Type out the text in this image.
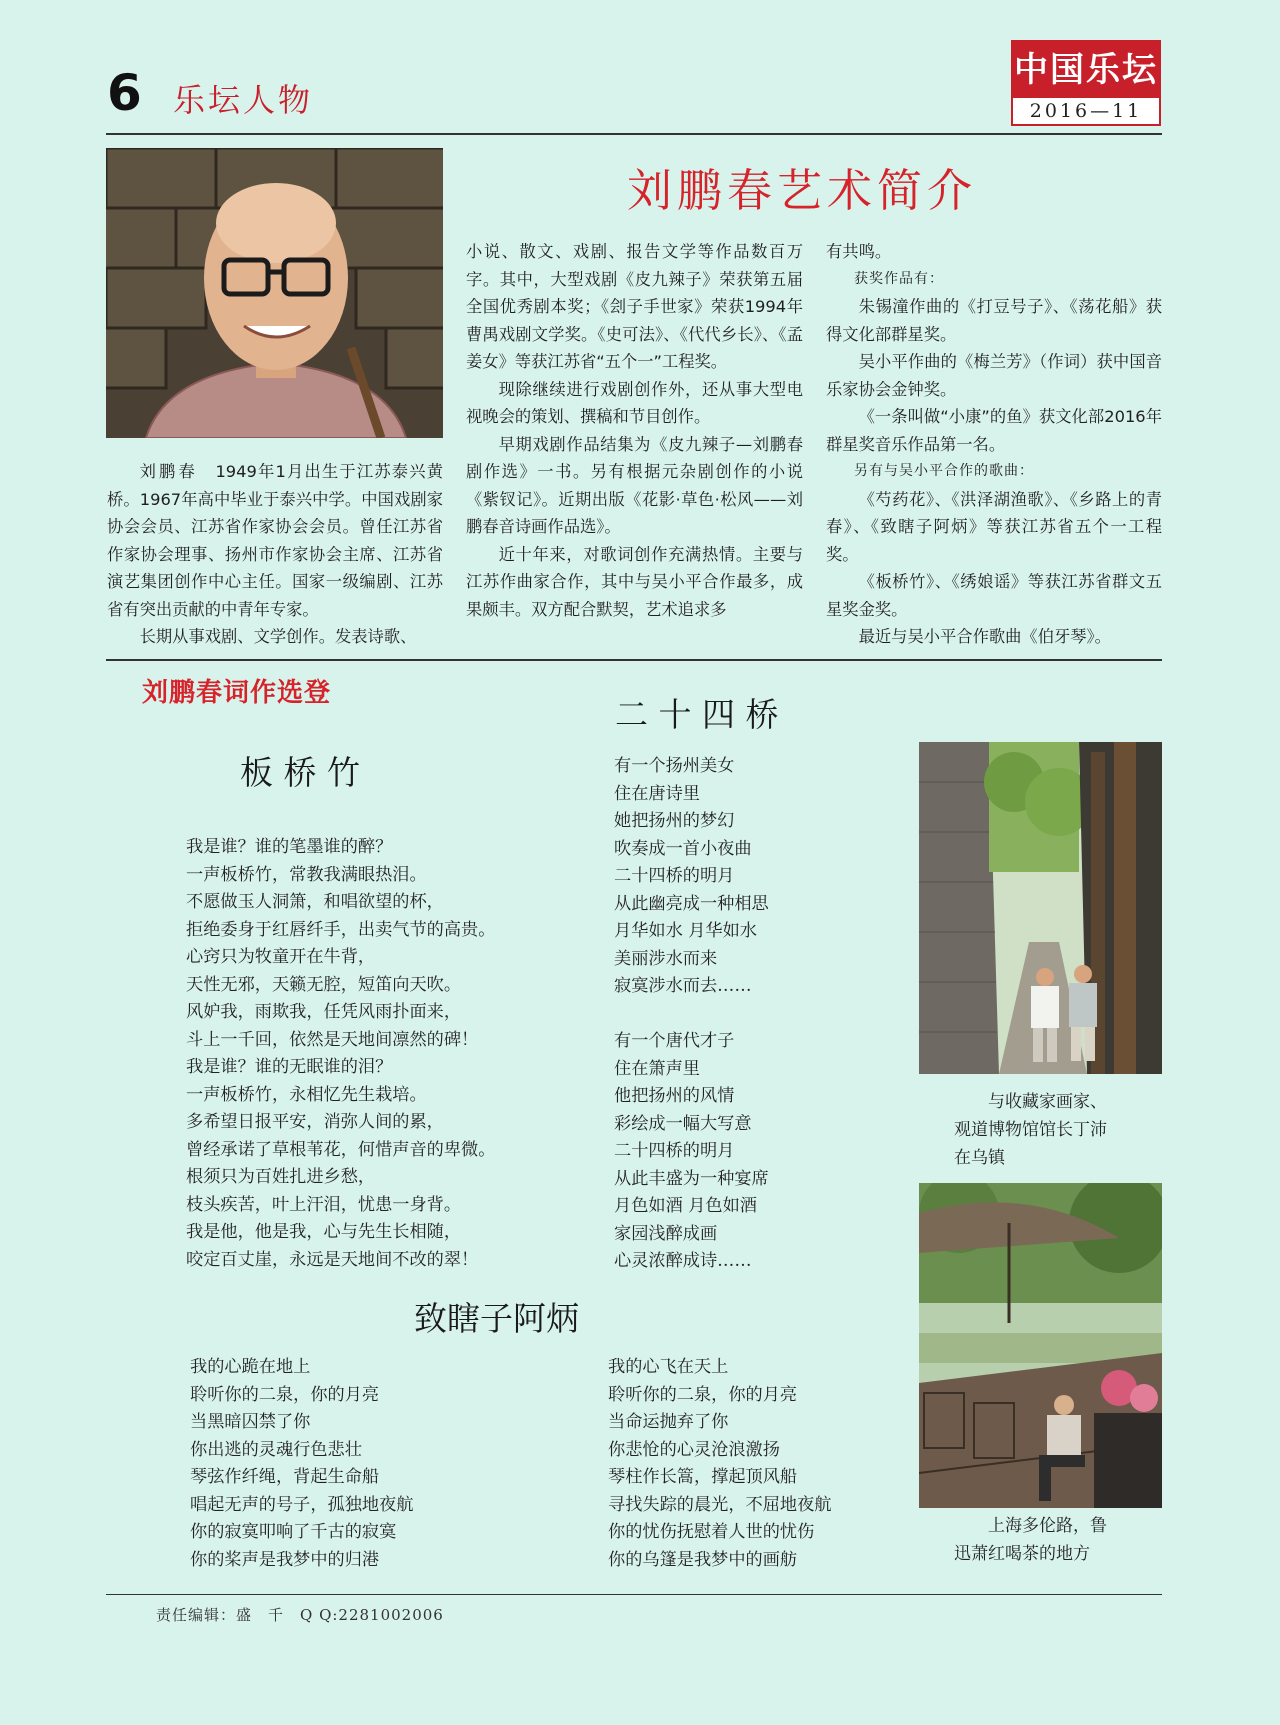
6 乐坛人物
中国乐坛
2016—11
刘鹏春艺术简介

刘鹏春　 1949年1月出生于江苏泰兴黄桥。1967年高中毕业于泰兴中学。中国戏剧家协会会员、江苏省作家协会会员。曾任江苏省作家协会理事、扬州市作家协会主席、江苏省演艺集团创作中心主任。国家一级编剧、江苏省有突出贡献的中青年专家。

长期从事戏剧、文学创作。发表诗歌、

小说、散文、戏剧、报告文学等作品数百万字。其中，大型戏剧《皮九辣子》荣获第五届全国优秀剧本奖；《刽子手世家》荣获1994年曹禺戏剧文学奖。《史可法》、《代代乡长》、《孟姜女》等获江苏省“五个一”工程奖。

现除继续进行戏剧创作外，还从事大型电视晚会的策划、撰稿和节目创作。

早期戏剧作品结集为《皮九辣子—刘鹏春剧作选》一书。另有根据元杂剧创作的小说《紫钗记》。近期出版《花影·草色·松风——刘鹏春音诗画作品选》。

近十年来，对歌词创作充满热情。主要与江苏作曲家合作，其中与吴小平合作最多，成果颇丰。双方配合默契，艺术追求多

有共鸣。

获奖作品有：

朱锡潼作曲的《打豆号子》、《荡花船》获得文化部群星奖。

吴小平作曲的《梅兰芳》（作词）获中国音乐家协会金钟奖。

《一条叫做“小康”的鱼》获文化部2016年群星奖音乐作品第一名。

另有与吴小平合作的歌曲：

《芍药花》、《洪泽湖渔歌》、《乡路上的青春》、《致瞎子阿炳》等获江苏省五个一工程奖。

《板桥竹》、《绣娘谣》等获江苏省群文五星奖金奖。

最近与吴小平合作歌曲《伯牙琴》。

刘鹏春词作选登
板 桥 竹
我是谁？谁的笔墨谁的醉？
一声板桥竹，常教我满眼热泪。
不愿做玉人洞箫，和唱欲望的杯，
拒绝委身于红唇纤手，出卖气节的高贵。
心窍只为牧童开在牛背，
天性无邪，天籁无腔，短笛向天吹。
风妒我，雨欺我，任凭风雨扑面来，
斗上一千回，依然是天地间凛然的碑！
我是谁？谁的无眠谁的泪？
一声板桥竹，永相忆先生栽培。
多希望日报平安，消弥人间的累，
曾经承诺了草根苇花，何惜声音的卑微。
根须只为百姓扎进乡愁，
枝头疾苦，叶上汗泪，忧患一身背。
我是他，他是我，心与先生长相随，
咬定百丈崖，永远是天地间不改的翠！
二 十 四 桥
有一个扬州美女
住在唐诗里
她把扬州的梦幻
吹奏成一首小夜曲
二十四桥的明月
从此幽亮成一种相思
月华如水 月华如水
美丽涉水而来
寂寞涉水而去……
有一个唐代才子
住在箫声里
他把扬州的风情
彩绘成一幅大写意
二十四桥的明月
从此丰盛为一种宴席
月色如酒 月色如酒
家园浅醉成画
心灵浓醉成诗……
致瞎子阿炳
我的心跪在地上
聆听你的二泉，你的月亮
当黑暗囚禁了你
你出逃的灵魂行色悲壮
琴弦作纤绳，背起生命船
唱起无声的号子，孤独地夜航
你的寂寞叩响了千古的寂寞
你的桨声是我梦中的归港
我的心飞在天上
聆听你的二泉，你的月亮
当命运抛弃了你
你悲怆的心灵沧浪激扬
琴柱作长篙，撑起顶风船
寻找失踪的晨光，不屈地夜航
你的忧伤抚慰着人世的忧伤
你的乌篷是我梦中的画舫
与收藏家画家、
观道博物馆馆长丁沛
在乌镇
上海多伦路，鲁
迅萧红喝茶的地方
责任编辑：盛　千　Q Q:2281002006
